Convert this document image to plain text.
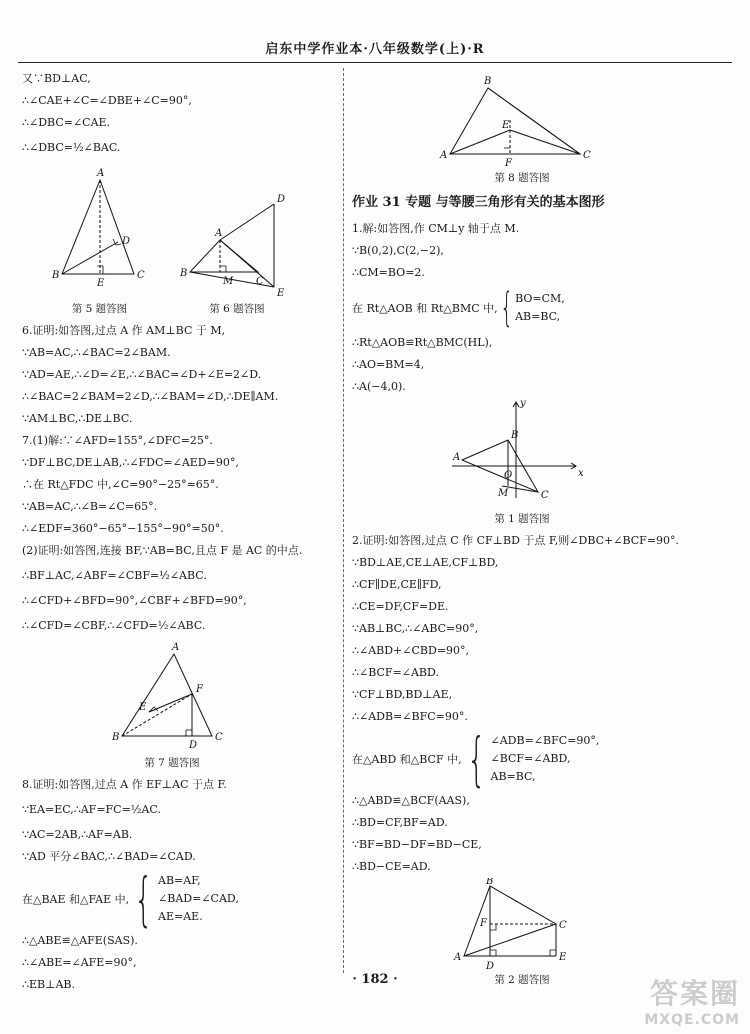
启东中学作业本·八年级数学(上)·R
又∵BD⊥AC,
∴∠CAE+∠C=∠DBE+∠C=90°,
∴∠DBC=∠CAE.
∴∠DBC=½∠BAC.
A
B	C
D
E
A
B
C
D
E
M
第 5 题答图	第 6 题答图
6.证明:如答图,过点 A 作 AM⊥BC 于 M,
∵AB=AC,∴∠BAC=2∠BAM.
∵AD=AE,∴∠D=∠E,∴∠BAC=∠D+∠E=2∠D.
∴∠BAC=2∠BAM=2∠D,∴∠BAM=∠D,∴DE∥AM.
∵AM⊥BC,∴DE⊥BC.
7.(1)解:∵∠AFD=155°,∠DFC=25°.
∵DF⊥BC,DE⊥AB,∴∠FDC=∠AED=90°,
∴在 Rt△FDC 中,∠C=90°−25°=65°.
∵AB=AC,∴∠B=∠C=65°.
∴∠EDF=360°−65°−155°−90°=50°.
(2)证明:如答图,连接 BF,∵AB=BC,且点 F 是 AC 的中点.
∴BF⊥AC,∠ABF=∠CBF=½∠ABC.
∴∠CFD+∠BFD=90°,∠CBF+∠BFD=90°,
∴∠CFD=∠CBF,∴∠CFD=½∠ABC.
A
B	C
D
E
F
第 7 题答图
8.证明:如答图,过点 A 作 EF⊥AC 于点 F.
∵EA=EC,∴AF=FC=½AC.
∵AC=2AB,∴AF=AB.
∵AD 平分∠BAC,∴∠BAD=∠CAD.
在△BAE 和△FAE 中, { AB=AF,
∠BAD=∠CAD,
AE=AE.
∴△ABE≌△AFE(SAS).
∴∠ABE=∠AFE=90°,
∴EB⊥AB.
B
A	C
F
E
第 8 题答图
作业 31 专题 与等腰三角形有关的基本图形
1.解:如答图,作 CM⊥y 轴于点 M.
∵B(0,2),C(2,−2),
∴CM=BO=2.
在 Rt△AOB 和 Rt△BMC 中, { BO=CM,
AB=BC,
∴Rt△AOB≌Rt△BMC(HL),
∴AO=BM=4,
∴A(−4,0).
y
x
A
B
C
O
M
第 1 题答图
2.证明:如答图,过点 C 作 CF⊥BD 于点 F,则∠DBC+∠BCF=90°.
∵BD⊥AE,CE⊥AE,CF⊥BD,
∴CF∥DE,CE∥FD,
∴CE=DF,CF=DE.
∵AB⊥BC,∴∠ABC=90°,
∴∠ABD+∠CBD=90°,
∴∠BCF=∠ABD.
∵CF⊥BD,BD⊥AE,
∴∠ADB=∠BFC=90°.
在△ABD 和△BCF 中, { ∠ADB=∠BFC=90°,
∠BCF=∠ABD,
AB=BC,
∴△ABD≌△BCF(AAS),
∴BD=CF,BF=AD.
∵BF=BD−DF=BD−CE,
∴BD−CE=AD.
B
A
C
D
E
F
第 2 题答图
· 182 ·	答案圈
MXQE.COM
